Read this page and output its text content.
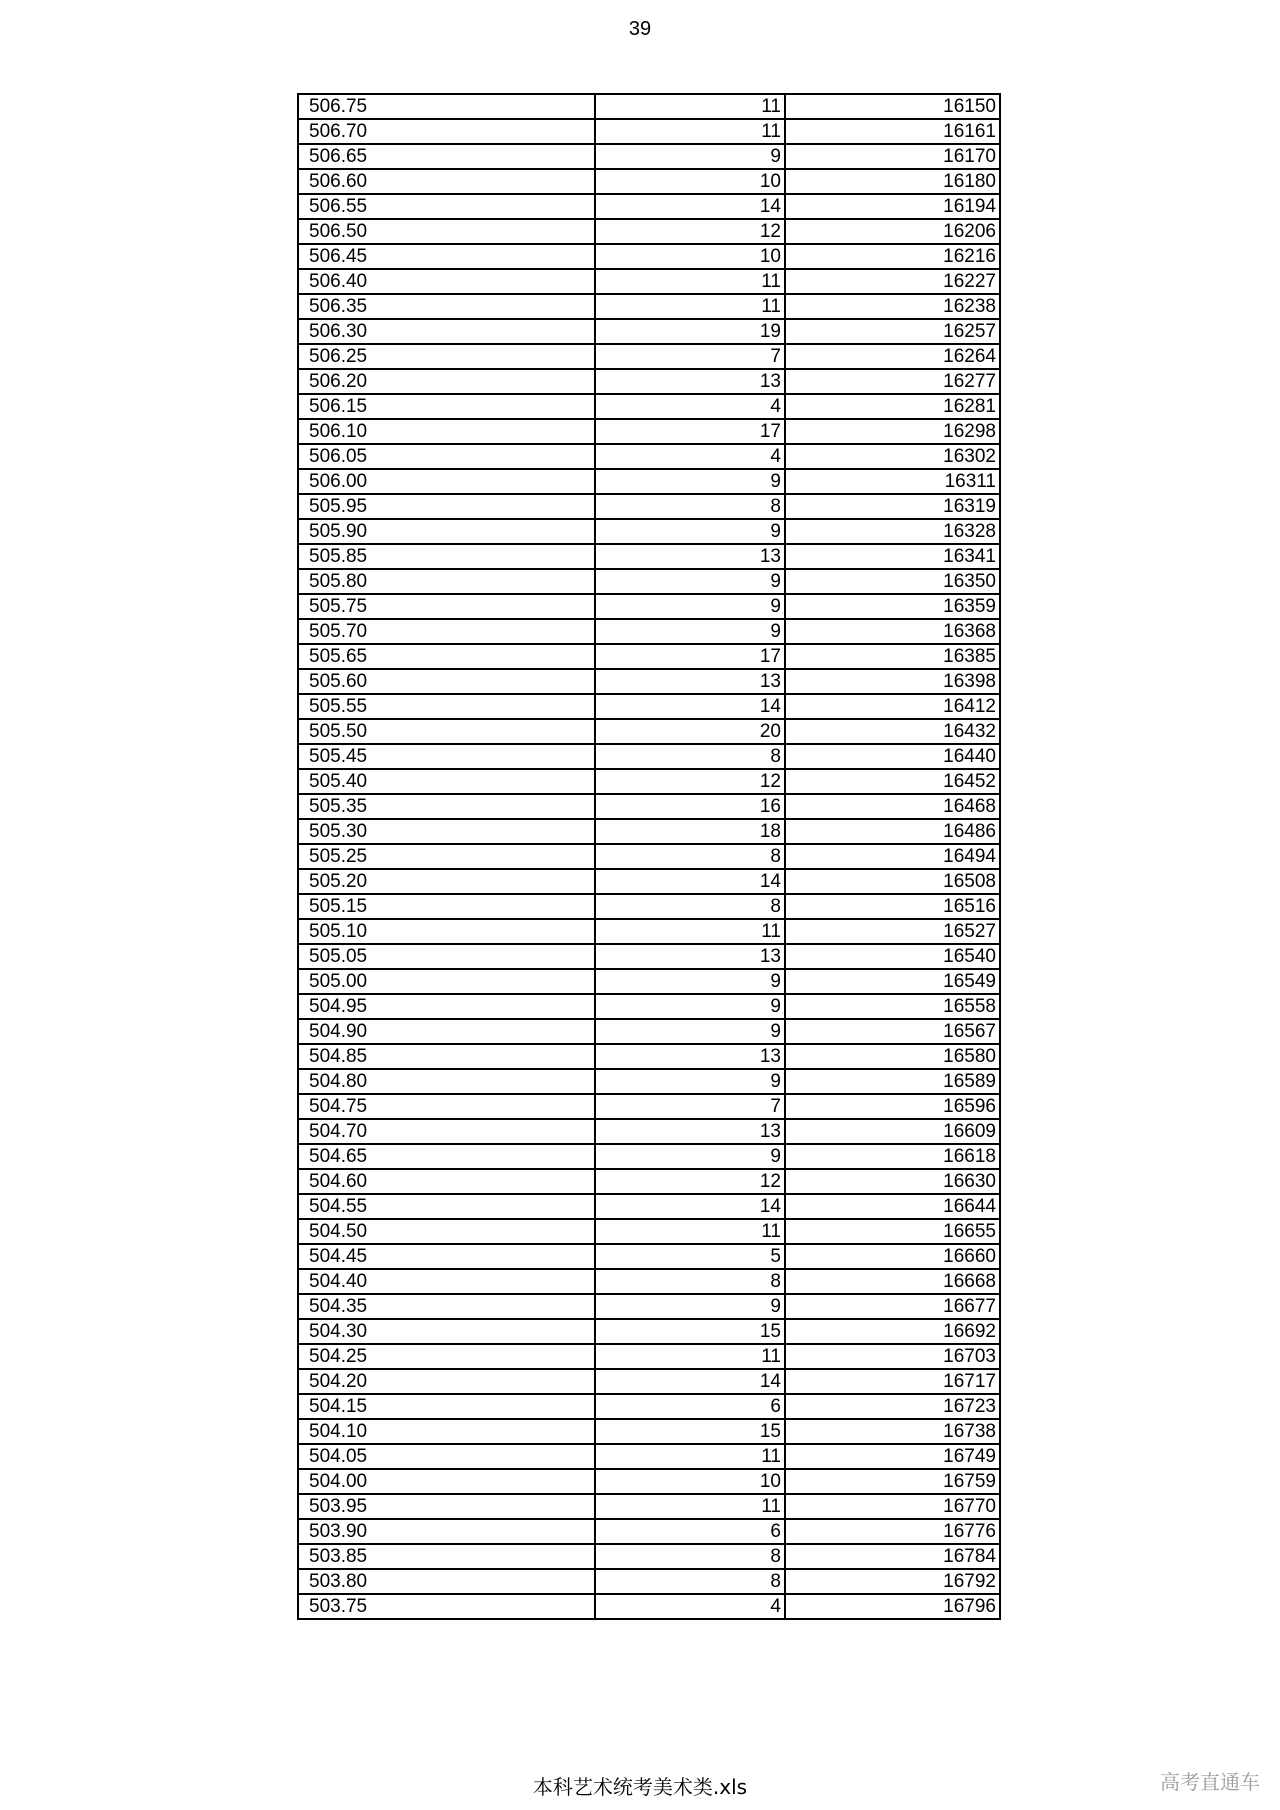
39
506.75	11	16150
506.70	11	16161
506.65	9	16170
506.60	10	16180
506.55	14	16194
506.50	12	16206
506.45	10	16216
506.40	11	16227
506.35	11	16238
506.30	19	16257
506.25	7	16264
506.20	13	16277
506.15	4	16281
506.10	17	16298
506.05	4	16302
506.00	9	16311
505.95	8	16319
505.90	9	16328
505.85	13	16341
505.80	9	16350
505.75	9	16359
505.70	9	16368
505.65	17	16385
505.60	13	16398
505.55	14	16412
505.50	20	16432
505.45	8	16440
505.40	12	16452
505.35	16	16468
505.30	18	16486
505.25	8	16494
505.20	14	16508
505.15	8	16516
505.10	11	16527
505.05	13	16540
505.00	9	16549
504.95	9	16558
504.90	9	16567
504.85	13	16580
504.80	9	16589
504.75	7	16596
504.70	13	16609
504.65	9	16618
504.60	12	16630
504.55	14	16644
504.50	11	16655
504.45	5	16660
504.40	8	16668
504.35	9	16677
504.30	15	16692
504.25	11	16703
504.20	14	16717
504.15	6	16723
504.10	15	16738
504.05	11	16749
504.00	10	16759
503.95	11	16770
503.90	6	16776
503.85	8	16784
503.80	8	16792
503.75	4	16796
本科艺术统考美术类.xls	高考直通车
